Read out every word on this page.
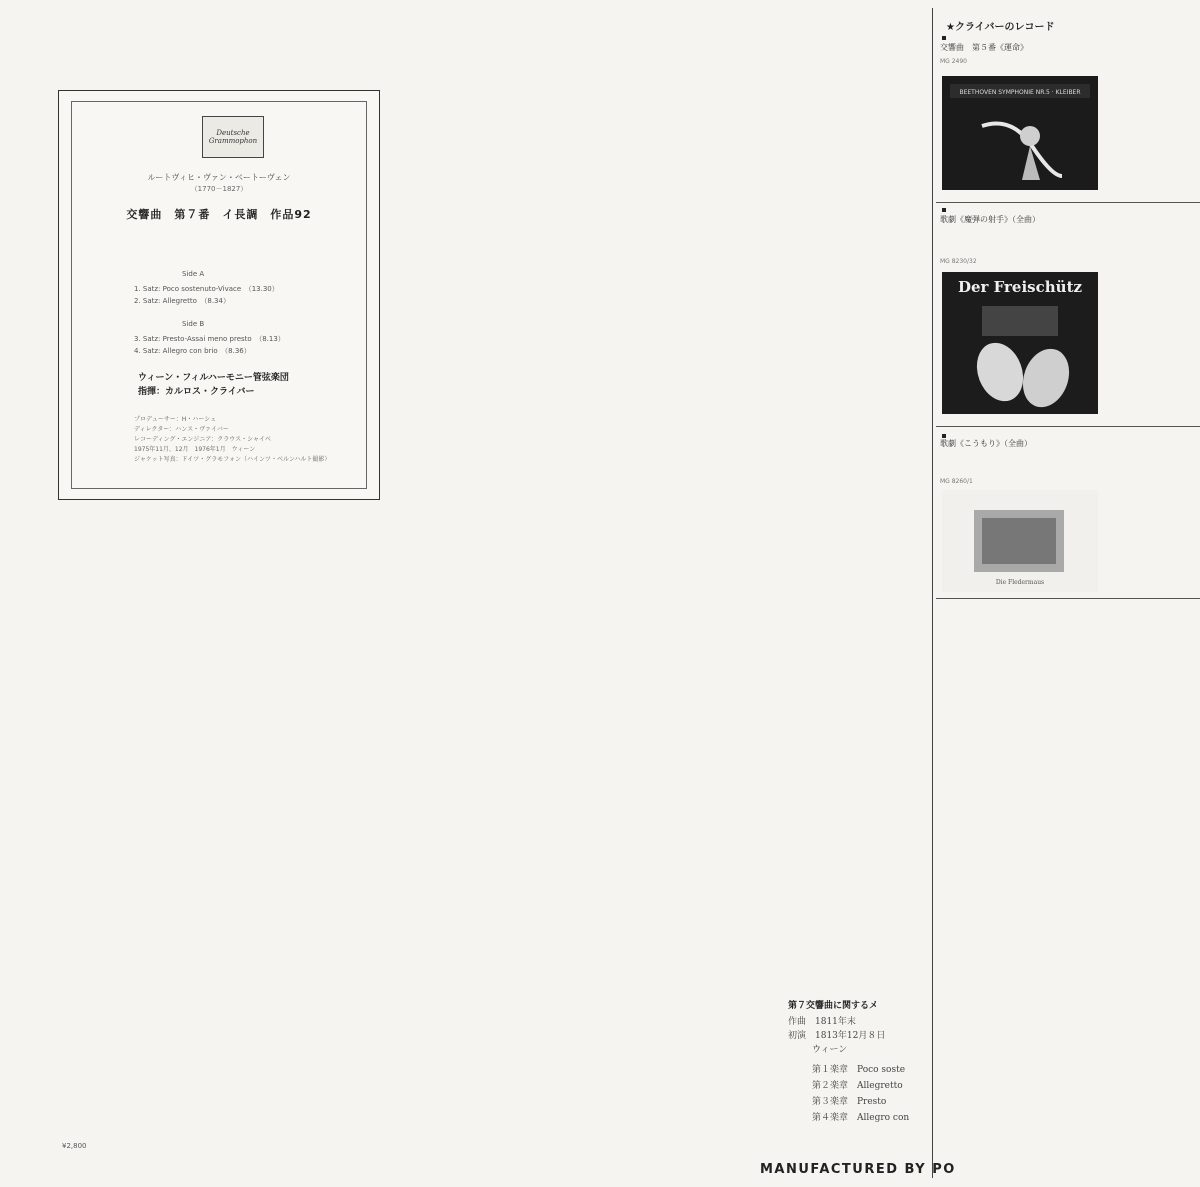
Deutsche Grammophon
ルートヴィヒ・ヴァン・ベートーヴェン
（1770－1827）
交響曲　第７番　イ長調　作品92
Side A
1. Satz: Poco sostenuto-Vivace　（13.30）
2. Satz: Allegretto　（8.34）
Side B
3. Satz: Presto-Assai meno presto　（8.13）
4. Satz: Allegro con brio　（8.36）
ウィーン・フィルハーモニー管弦楽団
指揮：カルロス・クライバー
プロデューサー：H・ハーシュ
ディレクター：ハンス・ヴァイバー
レコーディング・エンジニア：クラウス・シャイベ
1975年11月、12月　1976年1月　ウィーン
ジャケット写真：ドイツ・グラモフォン（ハインツ・ベルンハルト撮影）
★クライバーのレコード
交響曲　第５番《運命》
MG 2490
BEETHOVEN SYMPHONIE NR.5 · KLEIBER
歌劇《魔弾の射手》（全曲）
MG 8230/32
Der Freischütz
歌劇《こうもり》（全曲）
MG 8260/1
Die Fledermaus
第７交響曲に関するメ
作曲　1811年末
初演　1813年12月８日
ウィーン
第１楽章　Poco soste
第２楽章　Allegretto
第３楽章　Presto
第４楽章　Allegro con
¥2,800
MANUFACTURED BY PO
